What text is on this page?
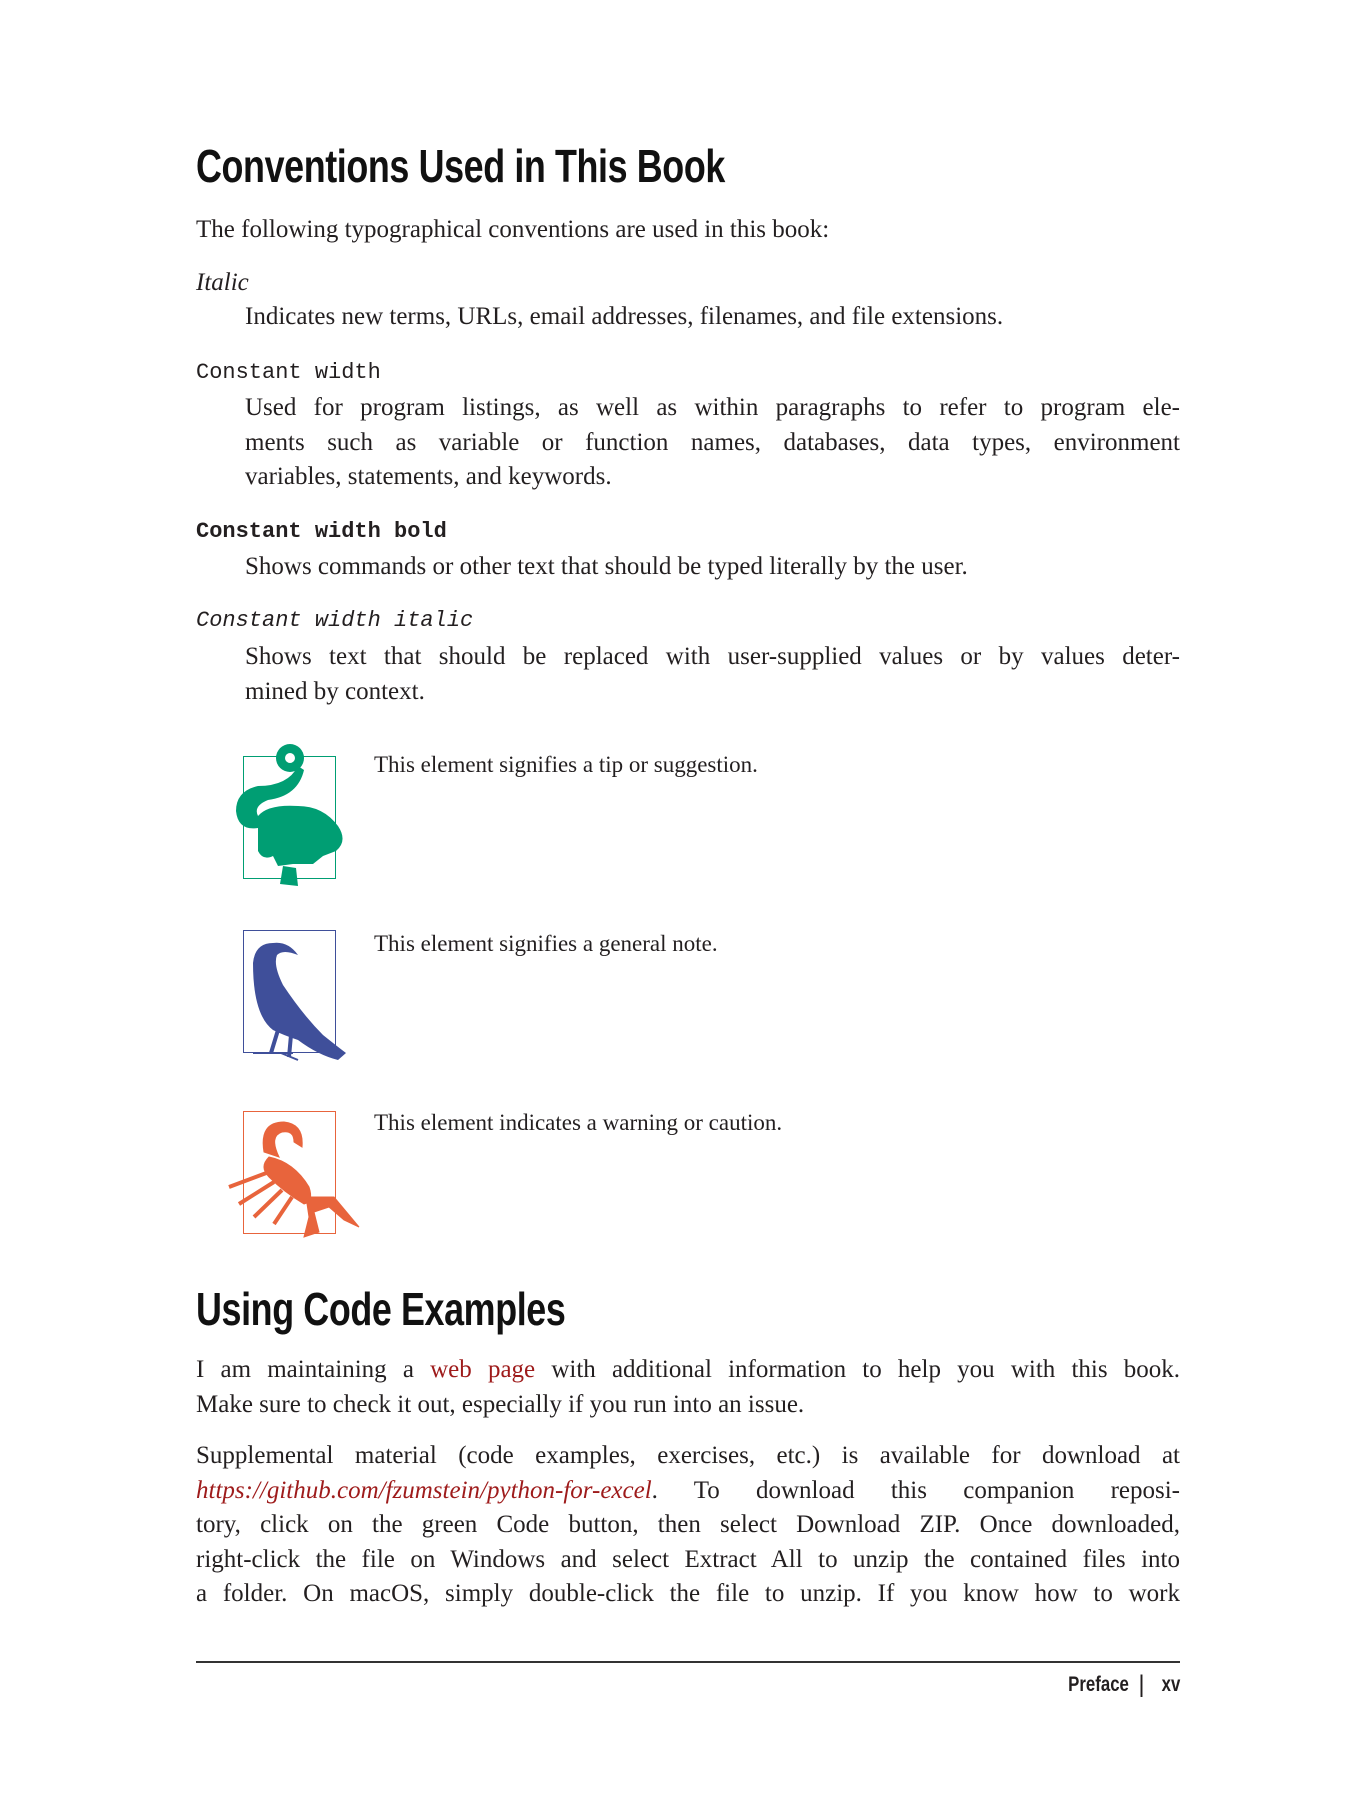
Conventions Used in This Book
The following typographical conventions are used in this book:
Italic
Indicates new terms, URLs, email addresses, filenames, and file extensions.
Constant width
Used for program listings, as well as within paragraphs to refer to program ele-
ments such as variable or function names, databases, data types, environment
variables, statements, and keywords.
Constant width bold
Shows commands or other text that should be typed literally by the user.
Constant width italic
Shows text that should be replaced with user-supplied values or by values deter-
mined by context.
This element signifies a tip or suggestion.
This element signifies a general note.
This element indicates a warning or caution.
Using Code Examples
I am maintaining a web page with additional information to help you with this book.
Make sure to check it out, especially if you run into an issue.
Supplemental material (code examples, exercises, etc.) is available for download at
https://github.com/fzumstein/python-for-excel. To download this companion reposi-
tory, click on the green Code button, then select Download ZIP. Once downloaded,
right-click the file on Windows and select Extract All to unzip the contained files into
a folder. On macOS, simply double-click the file to unzip. If you know how to work
Preface | xv
